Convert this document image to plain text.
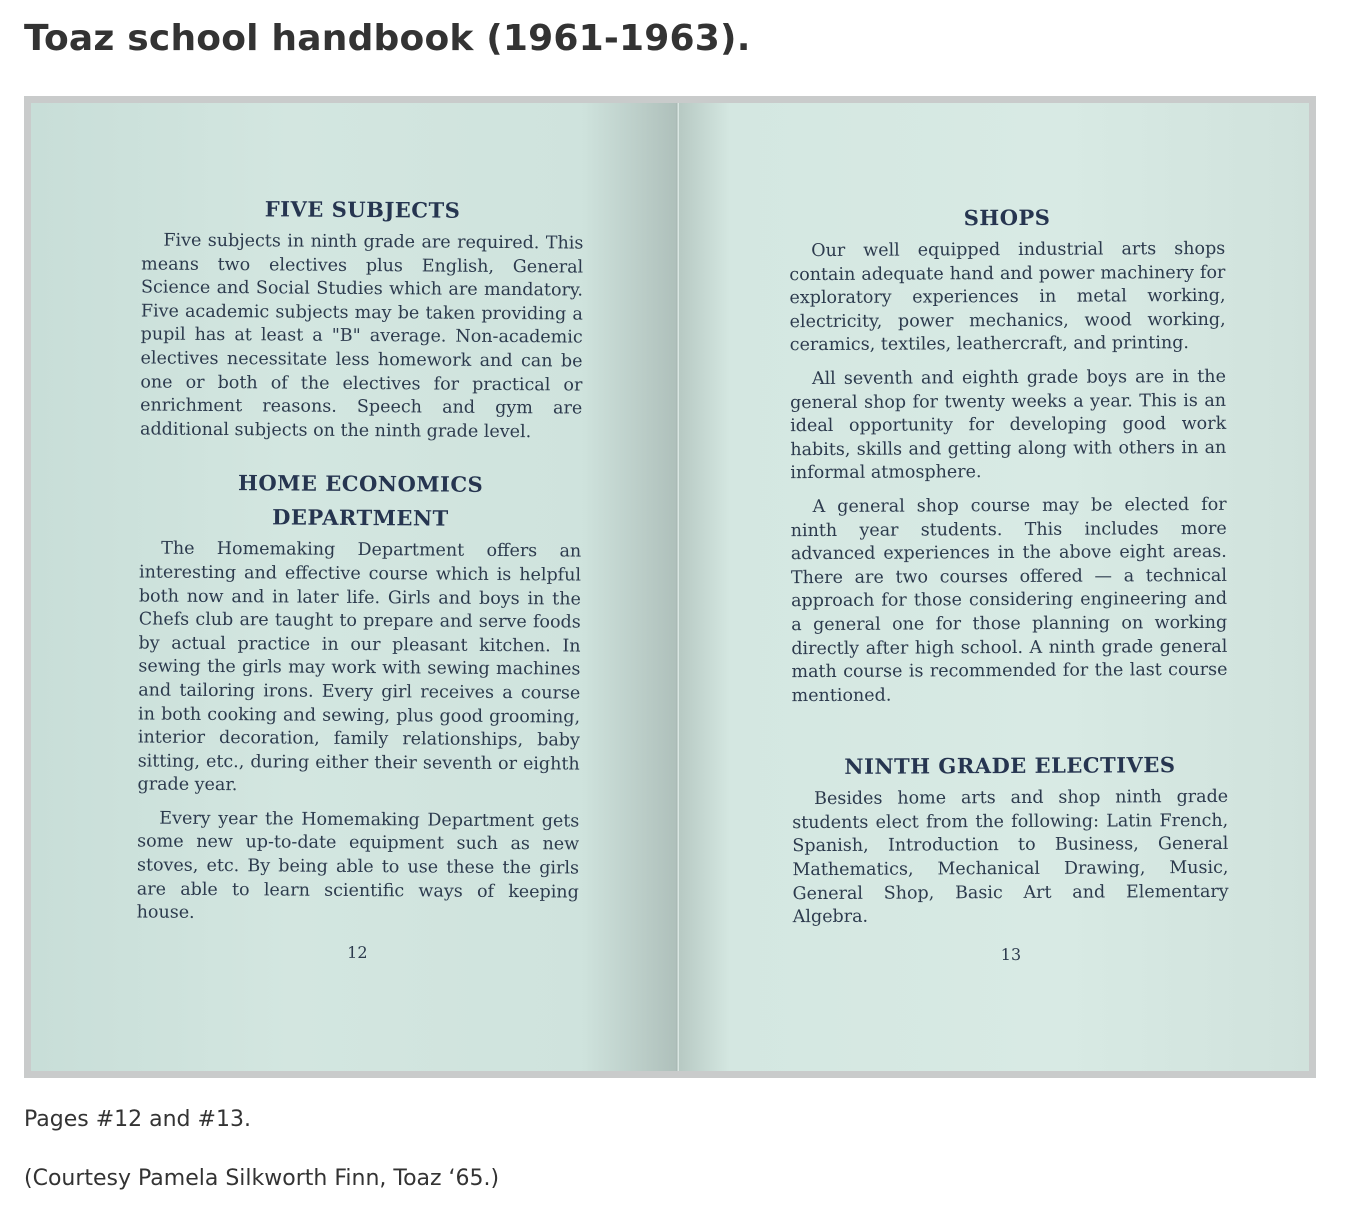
Toaz school handbook (1961-1963).
FIVE SUBJECTS

Five subjects in ninth grade are required. This means two electives plus English, General Science and Social Studies which are mandatory. Five academic subjects may be taken providing a pupil has at least a "B" average. Non-academic electives necessitate less homework and can be one or both of the electives for practical or enrichment reasons. Speech and gym are additional subjects on the ninth grade level.

HOME ECONOMICS
DEPARTMENT

The Homemaking Department offers an interesting and effective course which is helpful both now and in later life. Girls and boys in the Chefs club are taught to prepare and serve foods by actual practice in our pleasant kitchen. In sewing the girls may work with sewing machines and tailoring irons. Every girl receives a course in both cooking and sewing, plus good grooming, interior decoration, family relationships, baby sitting, etc., during either their seventh or eighth grade year.

Every year the Homemaking Department gets some new up-to-date equipment such as new stoves, etc. By being able to use these the girls are able to learn scientific ways of keeping house.

12
SHOPS

Our well equipped industrial arts shops contain adequate hand and power machinery for exploratory experiences in metal working, electricity, power mechanics, wood working, ceramics, textiles, leathercraft, and printing.

All seventh and eighth grade boys are in the general shop for twenty weeks a year. This is an ideal opportunity for developing good work habits, skills and getting along with others in an informal atmosphere.

A general shop course may be elected for ninth year students. This includes more advanced experiences in the above eight areas. There are two courses offered — a technical approach for those considering engineering and a general one for those planning on working directly after high school. A ninth grade general math course is recommended for the last course mentioned.

NINTH GRADE ELECTIVES

Besides home arts and shop ninth grade students elect from the following: Latin French, Spanish, Introduction to Business, General Mathematics, Mechanical Drawing, Music, General Shop, Basic Art and Elementary Algebra.

13

Pages #12 and #13.

(Courtesy Pamela Silkworth Finn, Toaz ‘65.)
